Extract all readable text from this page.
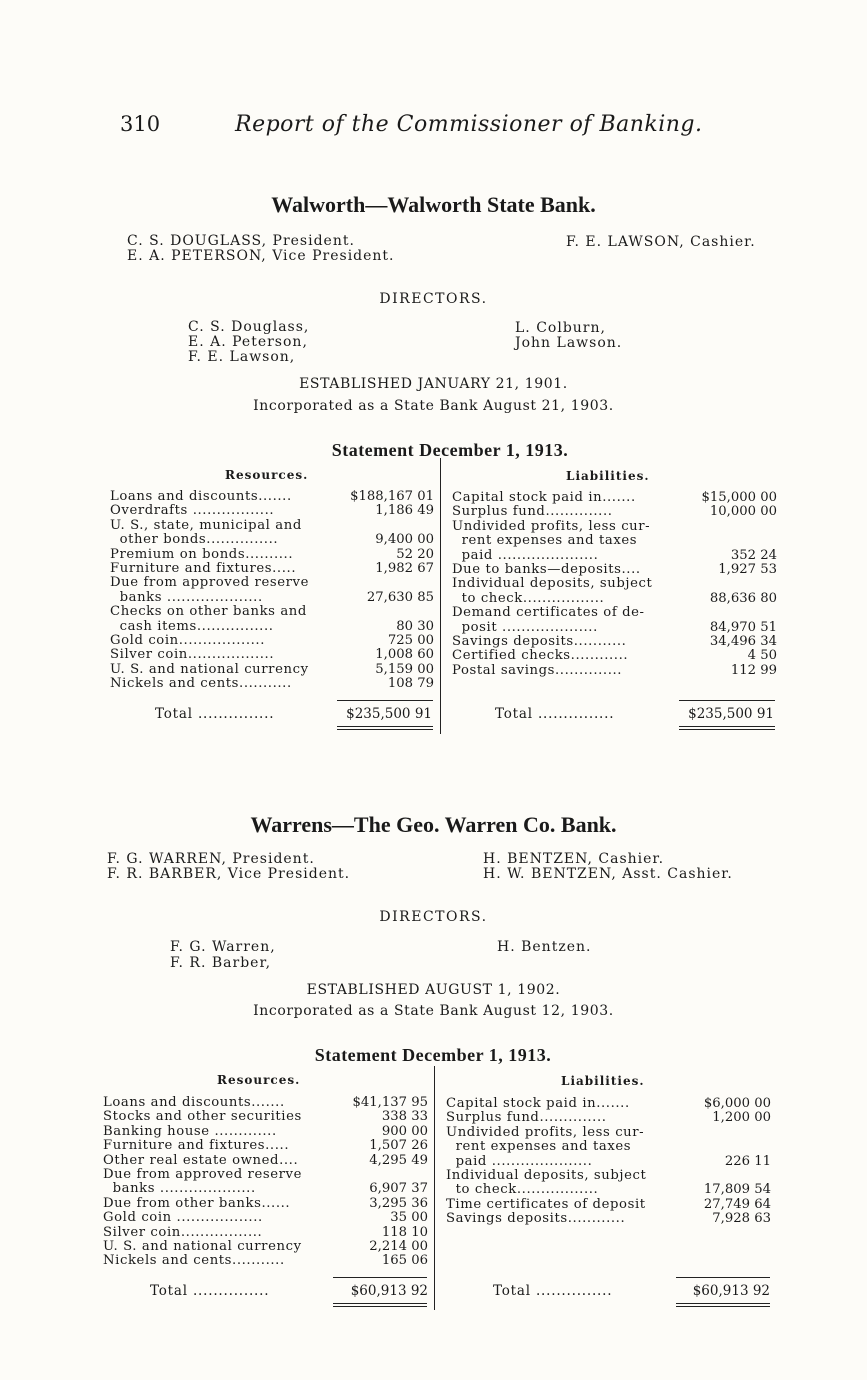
310	Report of the Commissioner of Banking.
Walworth—Walworth State Bank.
C. S. DOUGLASS, President.
E. A. PETERSON, Vice President.
F. E. LAWSON, Cashier.
DIRECTORS.
C. S. Douglass,
E. A. Peterson,
F. E. Lawson,
L. Colburn,
John Lawson.
ESTABLISHED JANUARY 21, 1901.
Incorporated as a State Bank August 21, 1903.
Statement December 1, 1913.
Resources.	Liabilities.
Loans and discounts.......	$188,167 01
Overdrafts .................	1,186 49
U. S., state, municipal and
other bonds...............	9,400 00
Premium on bonds..........	52 20
Furniture and fixtures.....	1,982 67
Due from approved reserve
banks ....................	27,630 85
Checks on other banks and
cash items................	80 30
Gold coin..................	725 00
Silver coin..................	1,008 60
U. S. and national currency	5,159 00
Nickels and cents...........	108 79
Capital stock paid in.......	$15,000 00
Surplus fund..............	10,000 00
Undivided profits, less cur-
rent expenses and taxes
paid .....................	352 24
Due to banks—deposits....	1,927 53
Individual deposits, subject
to check.................	88,636 80
Demand certificates of de-
posit ....................	84,970 51
Savings deposits...........	34,496 34
Certified checks............	4 50
Postal savings..............	112 99
Total ...............	$235,500 91	Total ...............	$235,500 91
Warrens—The Geo. Warren Co. Bank.
F. G. WARREN, President.
F. R. BARBER, Vice President.
H. BENTZEN, Cashier.
H. W. BENTZEN, Asst. Cashier.
DIRECTORS.
F. G. Warren,
F. R. Barber,
H. Bentzen.
ESTABLISHED AUGUST 1, 1902.
Incorporated as a State Bank August 12, 1903.
Statement December 1, 1913.
Resources.	Liabilities.
Loans and discounts.......	$41,137 95
Stocks and other securities	338 33
Banking house .............	900 00
Furniture and fixtures.....	1,507 26
Other real estate owned....	4,295 49
Due from approved reserve
banks ....................	6,907 37
Due from other banks......	3,295 36
Gold coin ..................	35 00
Silver coin.................	118 10
U. S. and national currency	2,214 00
Nickels and cents...........	165 06
Capital stock paid in.......	$6,000 00
Surplus fund..............	1,200 00
Undivided profits, less cur-
rent expenses and taxes
paid .....................	226 11
Individual deposits, subject
to check.................	17,809 54
Time certificates of deposit	27,749 64
Savings deposits............	7,928 63
Total ...............	$60,913 92	Total ...............	$60,913 92
